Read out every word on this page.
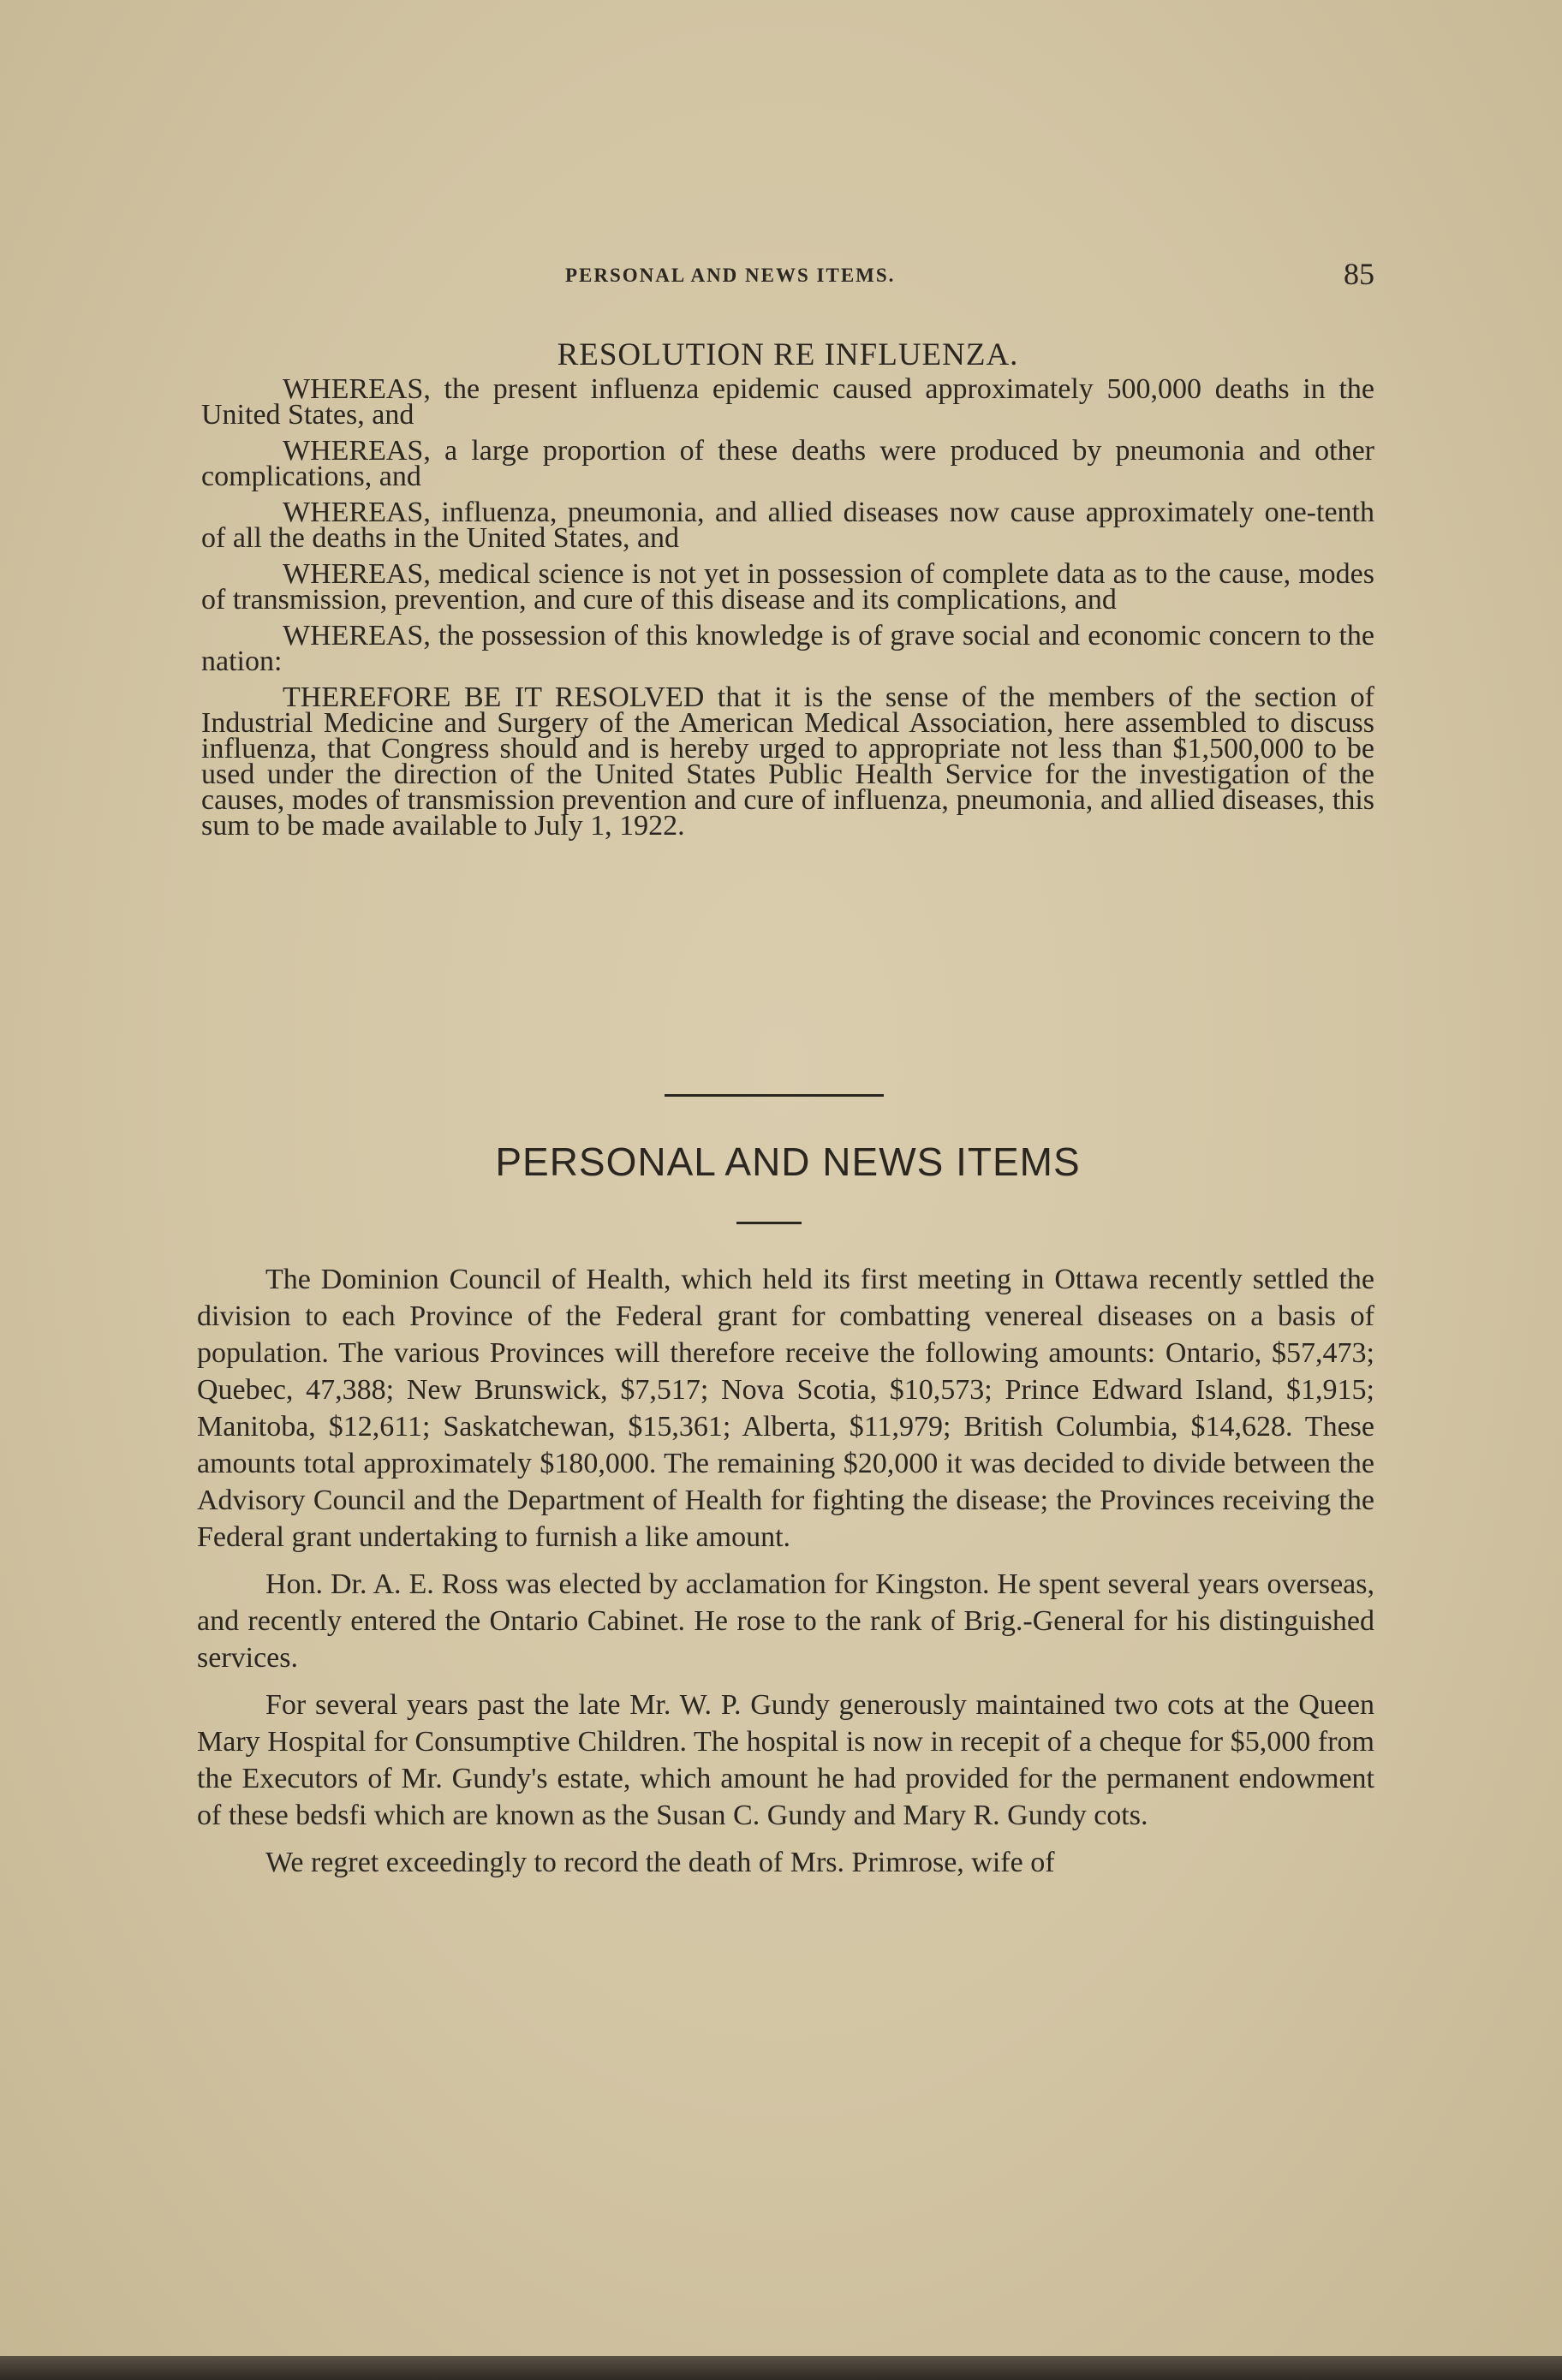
PERSONAL AND NEWS ITEMS.	85
RESOLUTION RE INFLUENZA.

WHEREAS, the present influenza epidemic caused approximately 500,000 deaths in the United States, and

WHEREAS, a large proportion of these deaths were produced by pneumonia and other complications, and

WHEREAS, influenza, pneumonia, and allied diseases now cause approximately one-tenth of all the deaths in the United States, and

WHEREAS, medical science is not yet in possession of complete data as to the cause, modes of transmission, prevention, and cure of this disease and its complications, and

WHEREAS, the possession of this knowledge is of grave social and economic concern to the nation:

THEREFORE BE IT RESOLVED that it is the sense of the members of the section of Industrial Medicine and Surgery of the American Medical Association, here assembled to discuss influenza, that Congress should and is hereby urged to appropriate not less than $1,500,000 to be used under the direction of the United States Public Health Service for the investigation of the causes, modes of transmission prevention and cure of influenza, pneumonia, and allied diseases, this sum to be made available to July 1, 1922.

PERSONAL AND NEWS ITEMS

The Dominion Council of Health, which held its first meeting in Ottawa recently settled the division to each Province of the Federal grant for combatting venereal diseases on a basis of population. The various Provinces will therefore receive the following amounts: Ontario, $57,473; Quebec, 47,388; New Brunswick, $7,517; Nova Scotia, $10,573; Prince Edward Island, $1,915; Manitoba, $12,611; Saskatchewan, $15,361; Alberta, $11,979; British Columbia, $14,628. These amounts total approximately $180,000. The remaining $20,000 it was decided to divide between the Advisory Council and the Department of Health for fighting the disease; the Provinces receiving the Federal grant undertaking to furnish a like amount.

Hon. Dr. A. E. Ross was elected by acclamation for Kingston. He spent several years overseas, and recently entered the Ontario Cabinet. He rose to the rank of Brig.-General for his distinguished services.

For several years past the late Mr. W. P. Gundy generously maintained two cots at the Queen Mary Hospital for Consumptive Children. The hospital is now in recepit of a cheque for $5,000 from the Executors of Mr. Gundy's estate, which amount he had provided for the permanent endowment of these bedsfi which are known as the Susan C. Gundy and Mary R. Gundy cots.

We regret exceedingly to record the death of Mrs. Primrose, wife of
